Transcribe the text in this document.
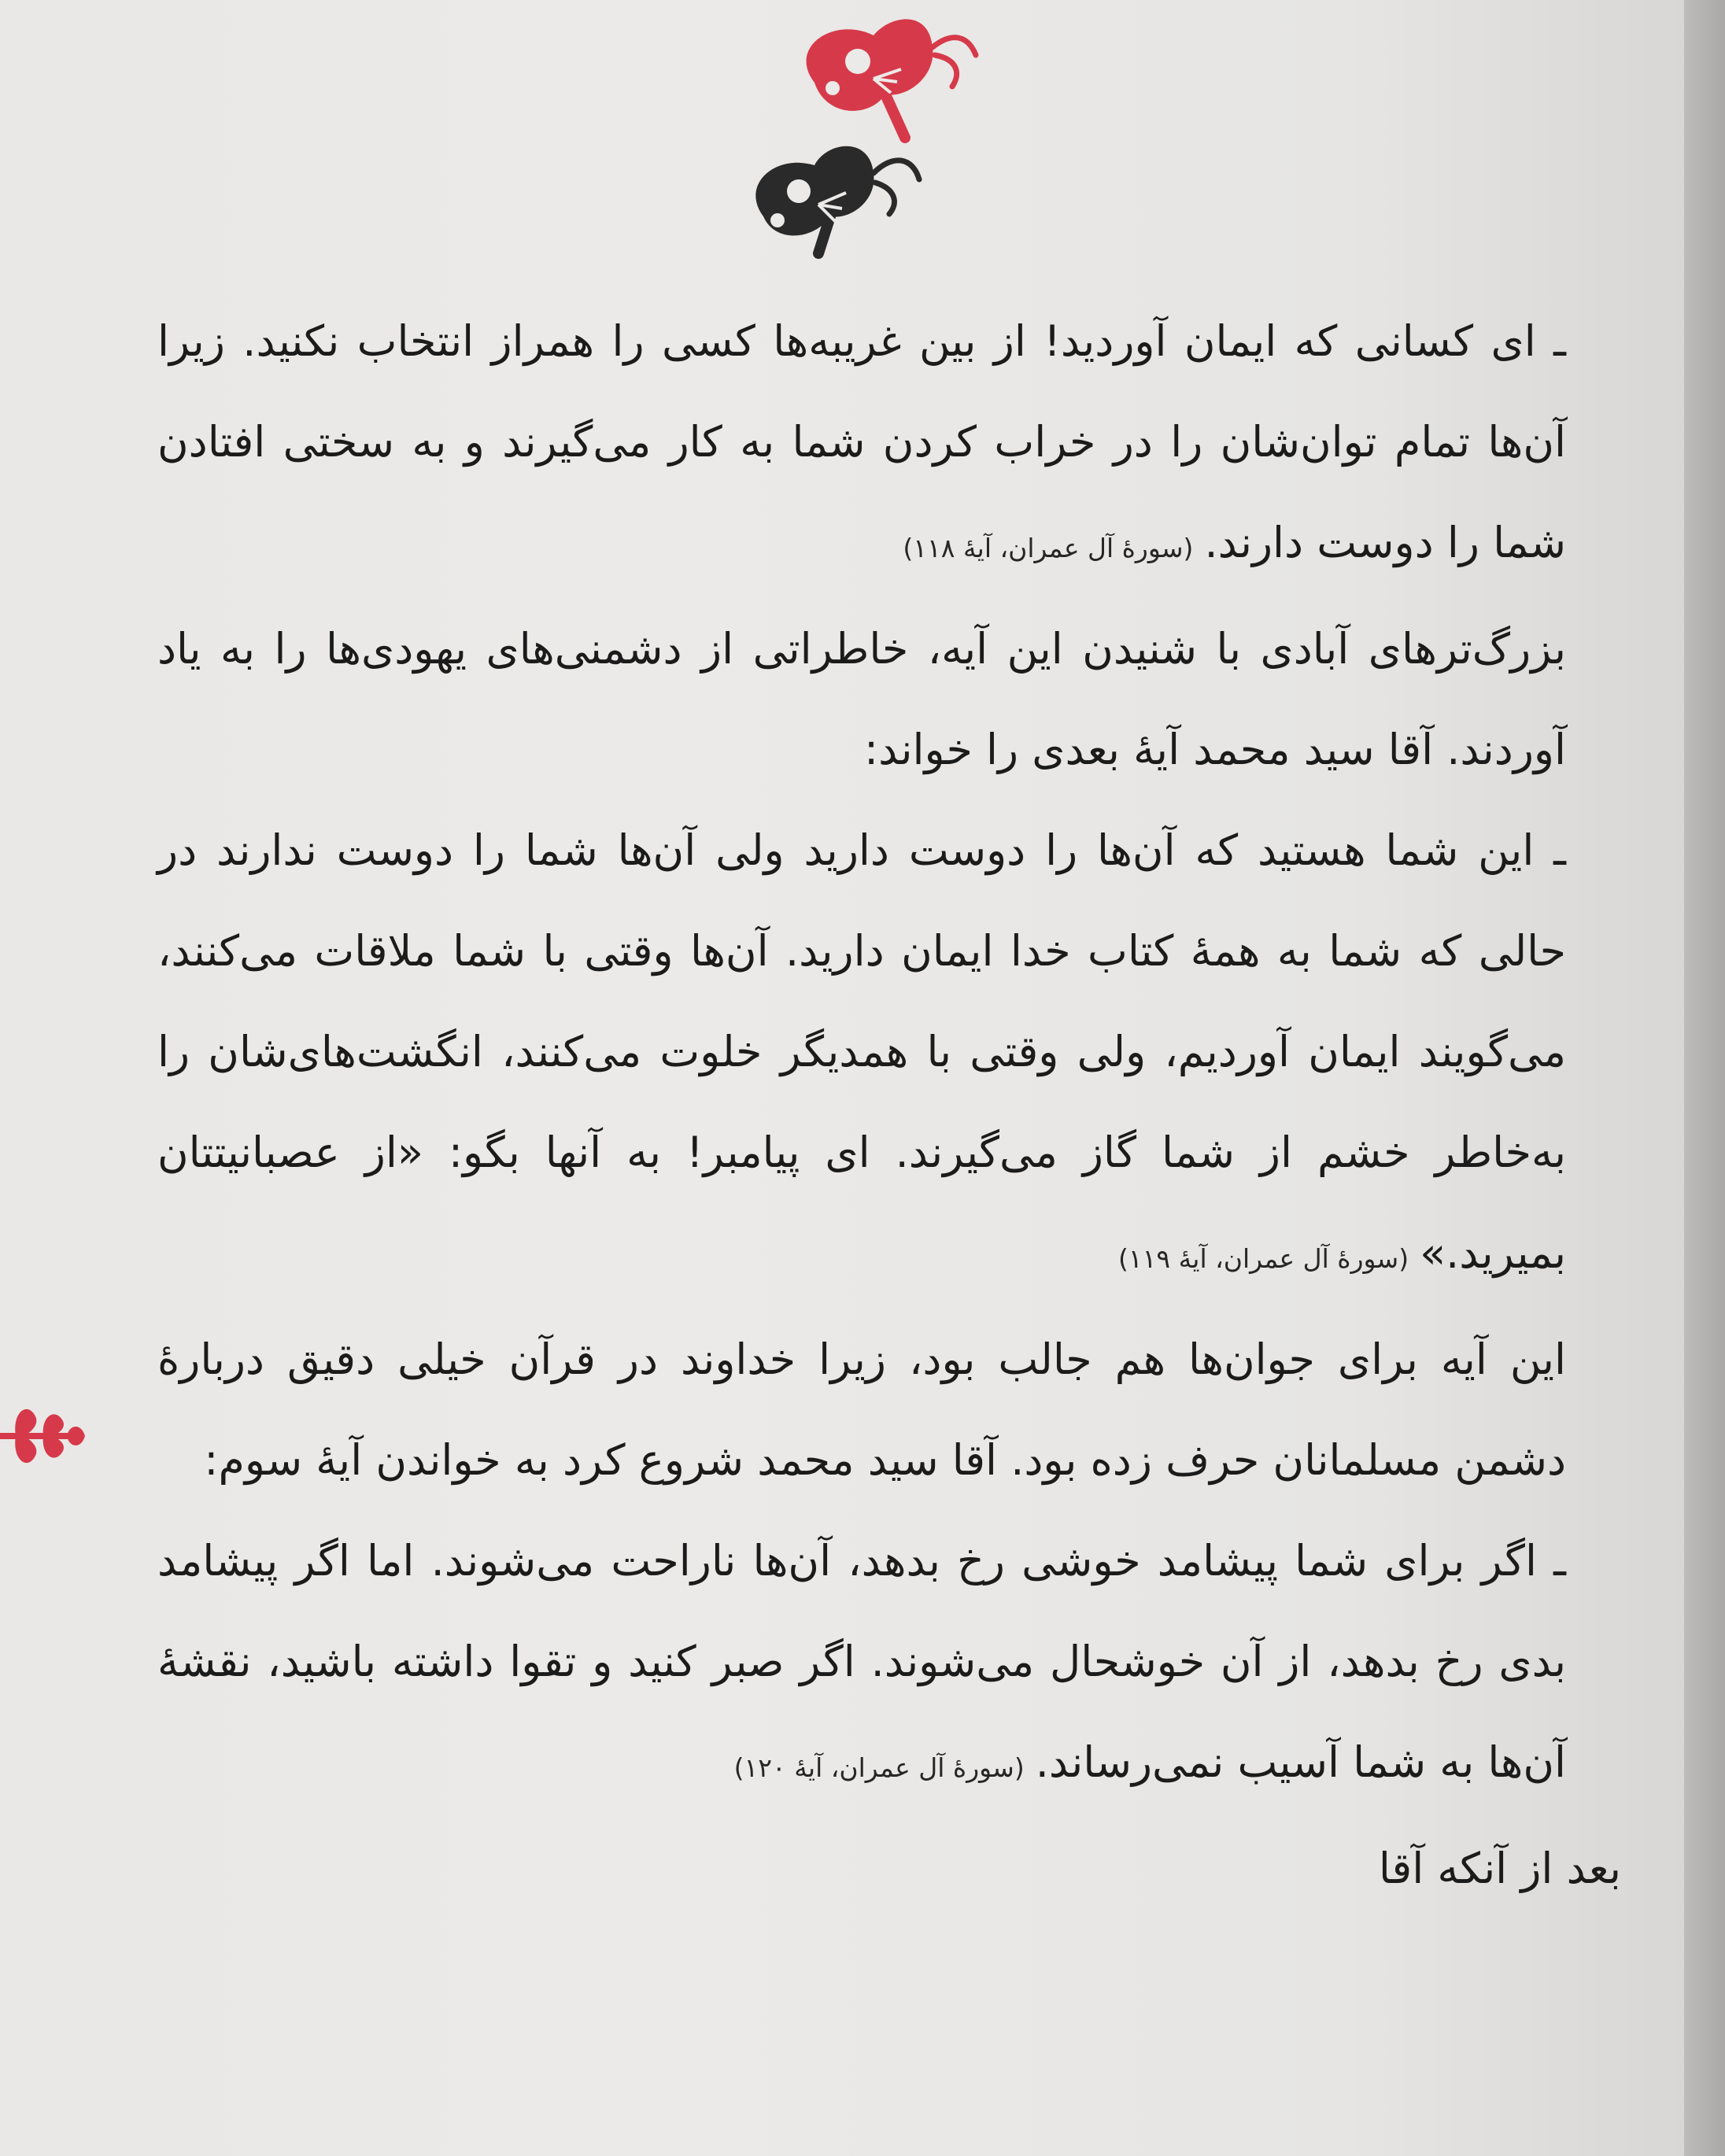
ـ ای کسانی که ایمان آوردید! از بین غریبه‌ها کسی را همراز انتخاب نکنید. زیرا آن‌ها تمام توان‌شان را در خراب کردن شما به کار می‌گیرند و به سختی افتادن شما را دوست دارند.(سورهٔ آل عمران، آیهٔ ۱۱۸)

بزرگ‌ترهای آبادی با شنیدن این آیه، خاطراتی از دشمنی‌های یهودی‌ها را به یاد آوردند. آقا سید محمد آیهٔ بعدی را خواند:

ـ این شما هستید که آن‌ها را دوست دارید ولی آن‌ها شما را دوست ندارند در حالی که شما به همهٔ کتاب خدا ایمان دارید. آن‌ها وقتی با شما ملاقات می‌کنند، می‌گویند ایمان آوردیم، ولی وقتی با همدیگر خلوت می‌کنند، انگشت‌های‌شان را به‌خاطر خشم از شما گاز می‌گیرند. ای پیامبر! به آنها بگو: «از عصبانیتتان بمیرید.»(سورهٔ آل عمران، آیهٔ ۱۱۹)

این آیه برای جوان‌ها هم جالب بود، زیرا خداوند در قرآن خیلی دقیق دربارهٔ دشمن مسلمانان حرف زده بود. آقا سید محمد شروع کرد به خواندن آیهٔ سوم:

ـ اگر برای شما پیشامد خوشی رخ بدهد، آن‌ها ناراحت می‌شوند. اما اگر پیشامد بدی رخ بدهد، از آن خوشحال می‌شوند. اگر صبر کنید و تقوا داشته باشید، نقشهٔ آن‌ها به شما آسیب نمی‌رساند.(سورهٔ آل عمران، آیهٔ ۱۲۰)

بعد از آنکه آقا
